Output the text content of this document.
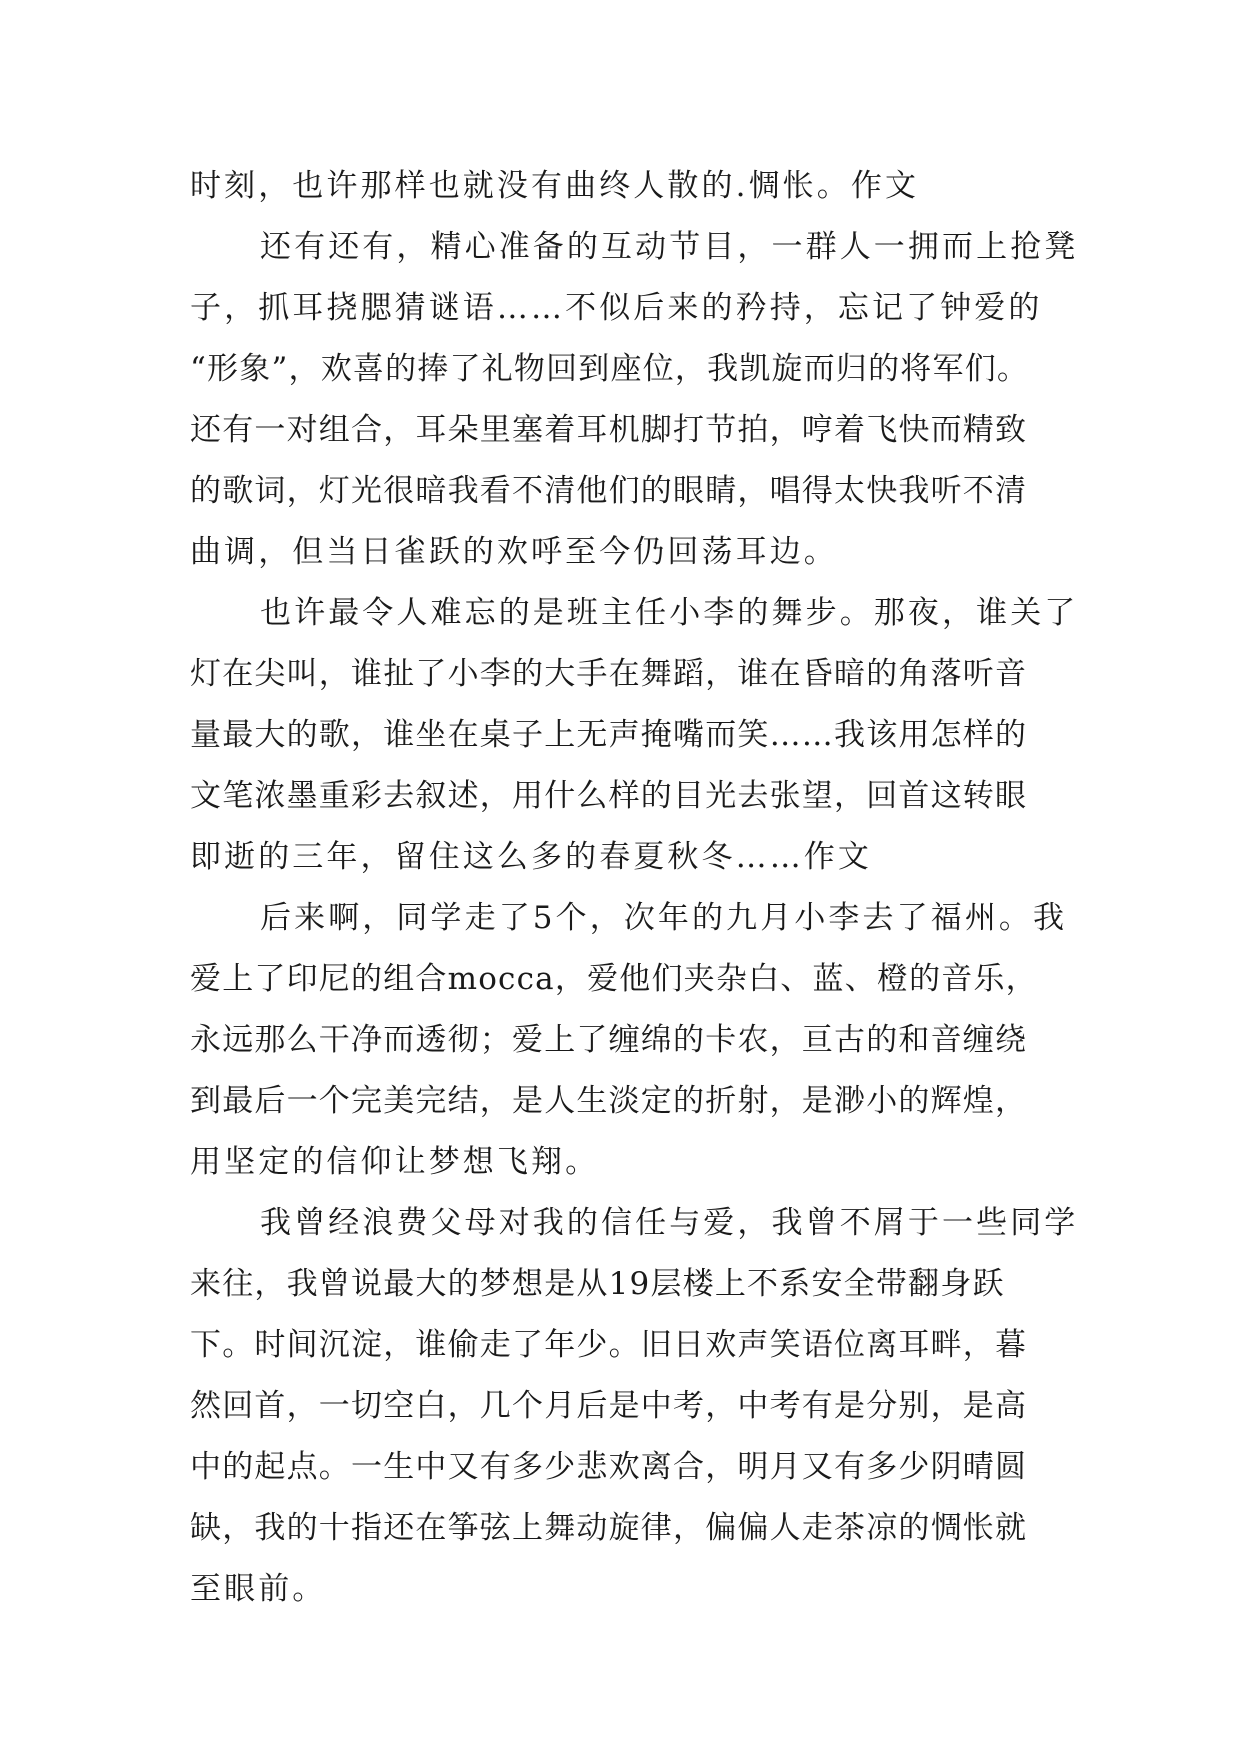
时刻，也许那样也就没有曲终人散的.惆怅。作文
还有还有，精心准备的互动节目，一群人一拥而上抢凳
子，抓耳挠腮猜谜语……不似后来的矜持，忘记了钟爱的
“形象”，欢喜的捧了礼物回到座位，我凯旋而归的将军们。
还有一对组合，耳朵里塞着耳机脚打节拍，哼着飞快而精致
的歌词，灯光很暗我看不清他们的眼睛，唱得太快我听不清
曲调，但当日雀跃的欢呼至今仍回荡耳边。
也许最令人难忘的是班主任小李的舞步。那夜，谁关了
灯在尖叫，谁扯了小李的大手在舞蹈，谁在昏暗的角落听音
量最大的歌，谁坐在桌子上无声掩嘴而笑……我该用怎样的
文笔浓墨重彩去叙述，用什么样的目光去张望，回首这转眼
即逝的三年，留住这么多的春夏秋冬……作文
后来啊，同学走了5个，次年的九月小李去了福州。我
爱上了印尼的组合mocca，爱他们夹杂白、蓝、橙的音乐，
永远那么干净而透彻；爱上了缠绵的卡农，亘古的和音缠绕
到最后一个完美完结，是人生淡定的折射，是渺小的辉煌，
用坚定的信仰让梦想飞翔。
我曾经浪费父母对我的信任与爱，我曾不屑于一些同学
来往，我曾说最大的梦想是从19层楼上不系安全带翻身跃
下。时间沉淀，谁偷走了年少。旧日欢声笑语位离耳畔，暮
然回首，一切空白，几个月后是中考，中考有是分别，是高
中的起点。一生中又有多少悲欢离合，明月又有多少阴晴圆
缺，我的十指还在筝弦上舞动旋律，偏偏人走茶凉的惆怅就
至眼前。
